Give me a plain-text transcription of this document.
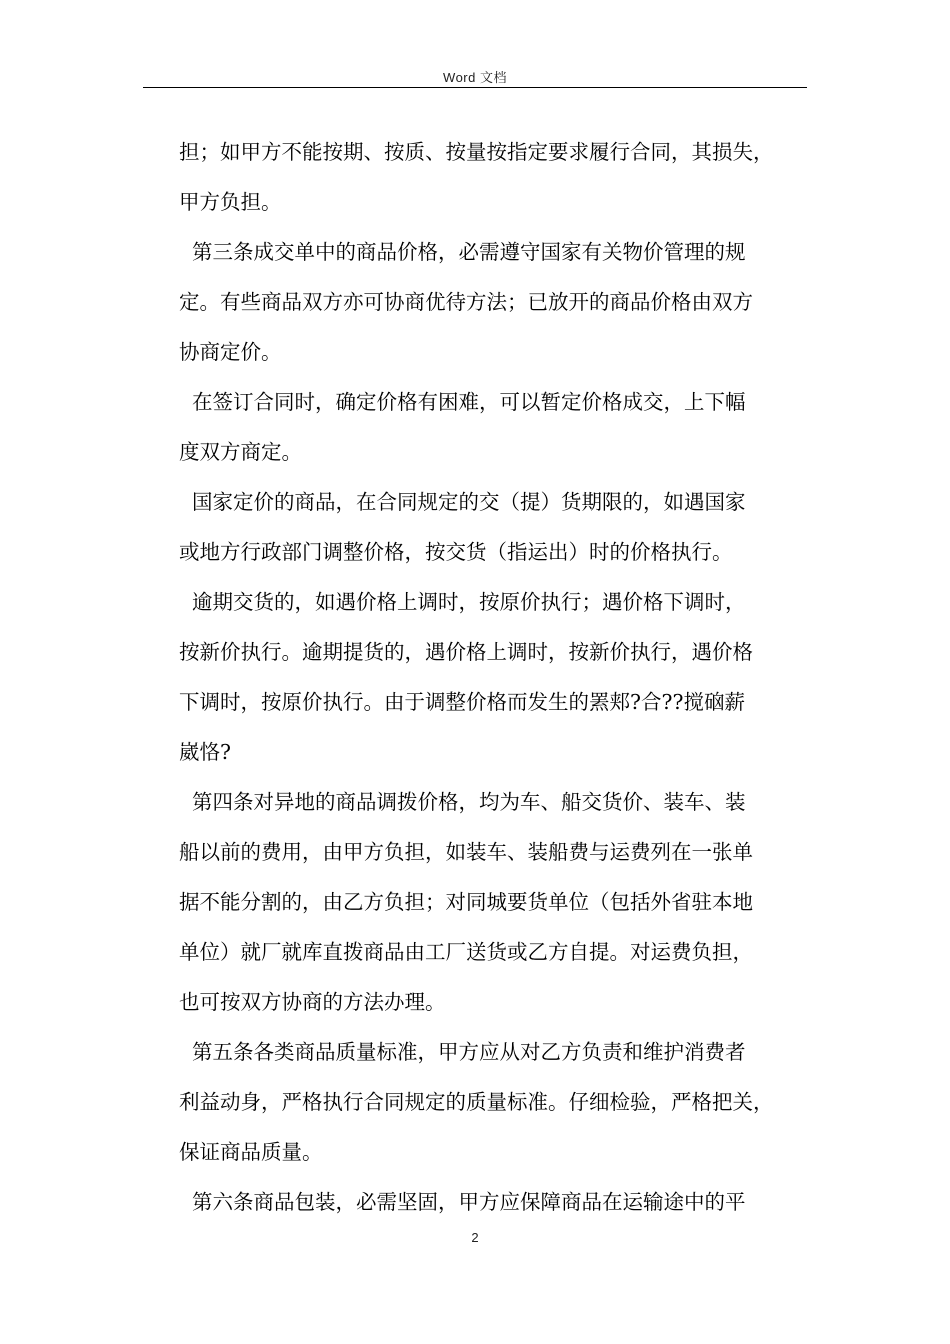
Word 文档

担；如甲方不能按期、按质、按量按指定要求履行合同，其损失，

甲方负担。

第三条成交单中的商品价格，必需遵守国家有关物价管理的规

定。有些商品双方亦可协商优待方法；已放开的商品价格由双方

协商定价。

在签订合同时，确定价格有困难，可以暂定价格成交，上下幅

度双方商定。

国家定价的商品，在合同规定的交（提）货期限的，如遇国家

或地方行政部门调整价格，按交货（指运出）时的价格执行。

逾期交货的，如遇价格上调时，按原价执行；遇价格下调时，

按新价执行。逾期提货的，遇价格上调时，按新价执行，遇价格

下调时，按原价执行。由于调整价格而发生的罴郏?合??搅硇薪

崴恪?

第四条对异地的商品调拨价格，均为车、船交货价、装车、装

船以前的费用，由甲方负担，如装车、装船费与运费列在一张单

据不能分割的，由乙方负担；对同城要货单位（包括外省驻本地

单位）就厂就库直拨商品由工厂送货或乙方自提。对运费负担，

也可按双方协商的方法办理。

第五条各类商品质量标准，甲方应从对乙方负责和维护消费者

利益动身，严格执行合同规定的质量标准。仔细检验，严格把关，

保证商品质量。

第六条商品包装，必需坚固，甲方应保障商品在运输途中的平

2
